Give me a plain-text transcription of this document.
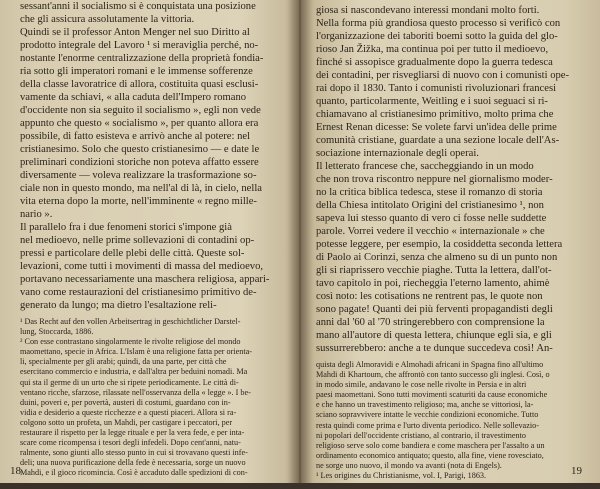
sessant'anni il socialismo si è conquistata una posizione
che gli assicura assolutamente la vittoria.
Quindi se il professor Anton Menger nel suo Diritto al
prodotto integrale del Lavoro ¹ si meraviglia perché, no-
nostante l'enorme centralizzazione della proprietà fondia-
ria sotto gli imperatori romani e le immense sofferenze
della classe lavoratrice di allora, costituita quasi esclusi-
vamente da schiavi, « alla caduta dell'Impero romano
d'occidente non sia seguito il socialismo », egli non vede
appunto che questo « socialismo », per quanto allora era
possibile, di fatto esisteva e arrivò anche al potere: nel
cristianesimo. Solo che questo cristianesimo — e date le
preliminari condizioni storiche non poteva affatto essere
diversamente — voleva realizzare la trasformazione so-
ciale non in questo mondo, ma nell'al di là, in cielo, nella
vita eterna dopo la morte, nell'imminente « regno mille-
nario ».
Il parallelo fra i due fenomeni storici s'impone già
nel medioevo, nelle prime sollevazioni di contadini op-
pressi e particolare delle plebi delle città. Queste sol-
levazioni, come tutti i movimenti di massa del medioevo,
portavano necessariamente una maschera religiosa, appari-
vano come restaurazioni del cristianesimo primitivo de-
generato da lungo; ma dietro l'esaltazione reli-
¹ Das Recht auf den vollen Arbeitsertrag in geschichtlicher Darstel-
lung, Stoccarda, 1886.
² Con esse contrastano singolarmente le rivolte religiose del mondo
maomettano, specie in Africa. L'Islam è una religione fatta per orienta-
li, specialmente per gli arabi; quindi, da una parte, per città che
esercitano commercio e industria, e dall'altra per beduini nomadi. Ma
qui sta il germe di un urto che si ripete periodicamente. Le città di-
ventano ricche, sfarzose, rilassate nell'osservanza della « legge ». I be-
duini, poveri e, per povertà, austeri di costumi, guardano con in-
vidia e desiderio a queste ricchezze e a questi piaceri. Allora si ra-
colgono sotto un profeta, un Mahdi, per castigare i peccatori, per
restaurare il rispetto per la legge rituale e per la vera fede, e per inta-
scare come ricompensa i tesori degli infedeli. Dopo cent'anni, natu-
ralmente, sono giunti allo stesso punto in cui si trovavano questi infe-
deli; una nuova purificazione della fede è necessaria, sorge un nuovo
Mahdi, e il gioco ricomincia. Così è accaduto dalle spedizioni di con-
18
giosa si nascondevano interessi mondani molto forti.
Nella forma più grandiosa questo processo si verificò con
l'organizzazione dei taboriti boemi sotto la guida del glo-
rioso Jan Žižka, ma continua poi per tutto il medioevo,
finché si assopisce gradualmente dopo la guerra tedesca
dei contadini, per risvegliarsi di nuovo con i comunisti ope-
rai dopo il 1830. Tanto i comunisti rivoluzionari francesi
quanto, particolarmente, Weitling e i suoi seguaci si ri-
chiamavano al cristianesimo primitivo, molto prima che
Ernest Renan dicesse: Se volete farvi un'idea delle prime
comunità cristiane, guardate a una sezione locale dell'As-
sociazione internazionale degli operai.
Il letterato francese che, saccheggiando in un modo
che non trova riscontro neppure nel giornalismo moder-
no la critica biblica tedesca, stese il romanzo di storia
della Chiesa intitolato Origini del cristianesimo ¹, non
sapeva lui stesso quanto di vero ci fosse nelle suddette
parole. Vorrei vedere il vecchio « internazionale » che
potesse leggere, per esempio, la cosiddetta seconda lettera
di Paolo ai Corinzi, senza che almeno su di un punto non
gli si riaprissero vecchie piaghe. Tutta la lettera, dall'ot-
tavo capitolo in poi, riecheggia l'eterno lamento, ahimè
così noto: les cotisations ne rentrent pas, le quote non
sono pagate! Quanti dei più ferventi propagandisti degli
anni dal '60 al '70 stringerebbero con comprensione la
mano all'autore di questa lettera, chiunque egli sia, e gli
sussurrerebbero: anche a te dunque succedeva così! An-
quista degli Almoravidi e Almohadi africani in Spagna fino all'ultimo
Mahdi di Khartoum, che affrontò con tanto successo gli inglesi. Così, o
in modo simile, andavano le cose nelle rivolte in Persia e in altri
paesi maomettani. Sono tutti movimenti scaturiti da cause economiche
e che hanno un travestimento religioso; ma, anche se vittoriosi, la-
sciano sopravvivere intatte le vecchie condizioni economiche. Tutto
resta quindi come prima e l'urto diventa periodico. Nelle sollevazio-
ni popolari dell'occidente cristiano, al contrario, il travestimento
religioso serve solo come bandiera e come maschera per l'assalto a un
ordinamento economico antiquato; questo, alla fine, viene rovesciato,
ne sorge uno nuovo, il mondo va avanti (nota di Engels).
¹ Les origines du Christianisme, vol. I, Parigi, 1863.	19
